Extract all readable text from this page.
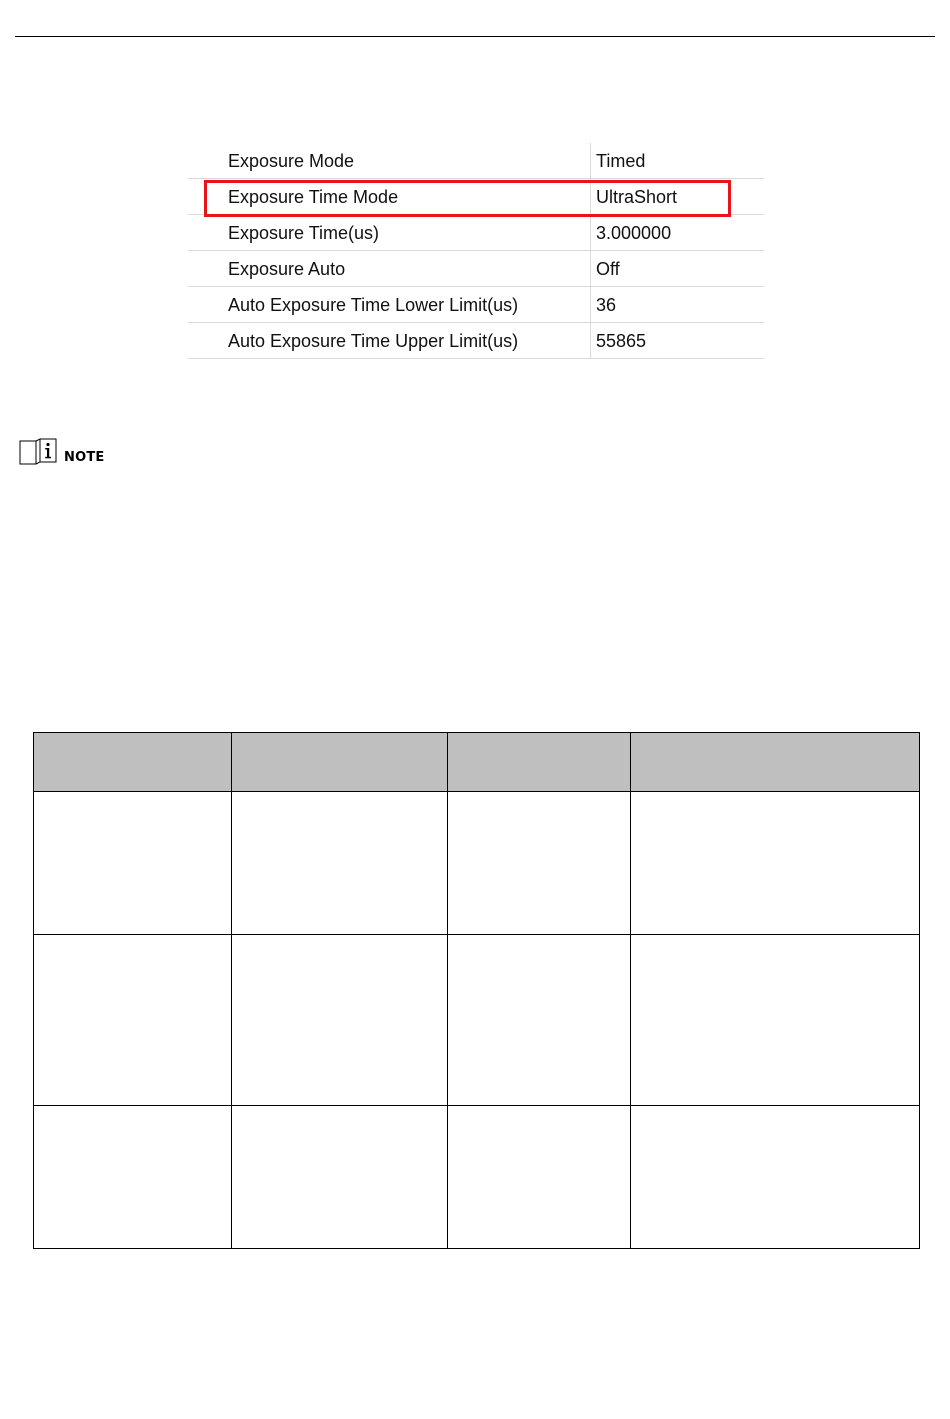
Exposure Mode	Timed
Exposure Time Mode	UltraShort
Exposure Time(us)	3.000000
Exposure Auto	Off
Auto Exposure Time Lower Limit(us)	36
Auto Exposure Time Upper Limit(us)	55865
NOTE
